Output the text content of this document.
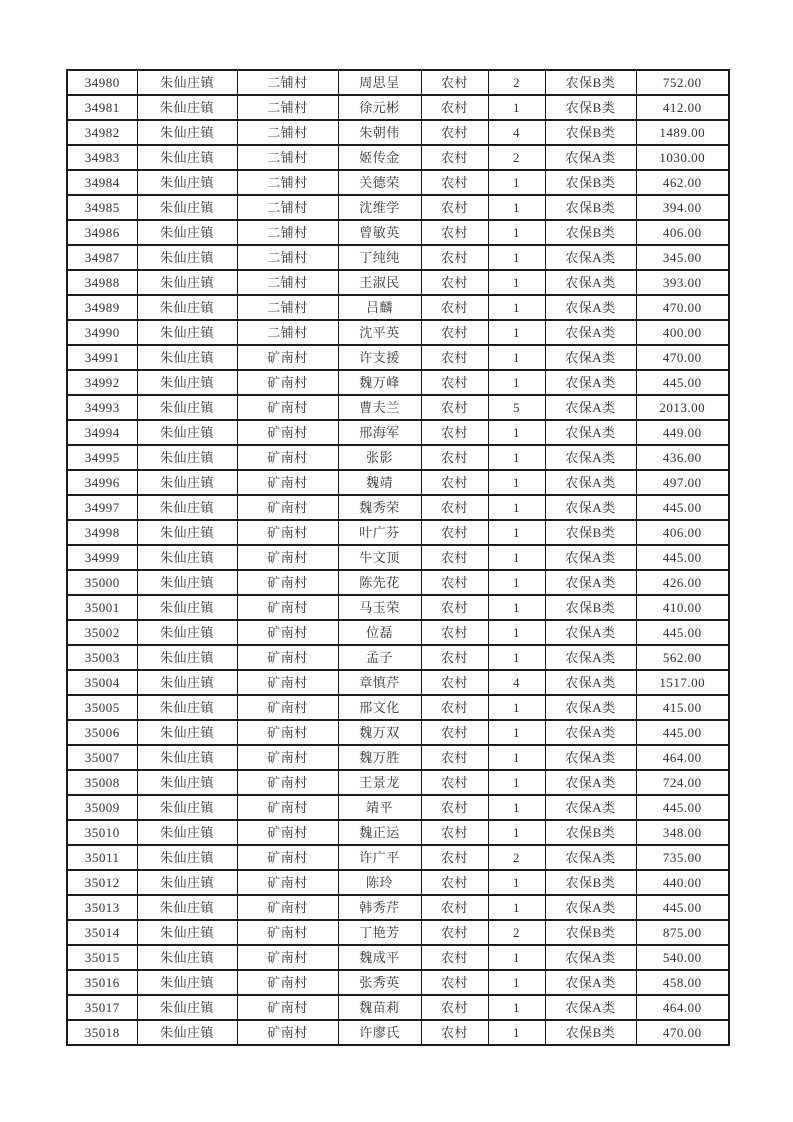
34980	朱仙庄镇	二铺村	周思呈	农村	2	农保B类	752.00
34981	朱仙庄镇	二铺村	徐元彬	农村	1	农保B类	412.00
34982	朱仙庄镇	二铺村	朱朝伟	农村	4	农保B类	1489.00
34983	朱仙庄镇	二铺村	姬传金	农村	2	农保A类	1030.00
34984	朱仙庄镇	二铺村	关德荣	农村	1	农保B类	462.00
34985	朱仙庄镇	二铺村	沈维学	农村	1	农保B类	394.00
34986	朱仙庄镇	二铺村	曾敏英	农村	1	农保B类	406.00
34987	朱仙庄镇	二铺村	丁纯纯	农村	1	农保A类	345.00
34988	朱仙庄镇	二铺村	王淑民	农村	1	农保A类	393.00
34989	朱仙庄镇	二铺村	吕麟	农村	1	农保A类	470.00
34990	朱仙庄镇	二铺村	沈平英	农村	1	农保A类	400.00
34991	朱仙庄镇	矿南村	许支援	农村	1	农保A类	470.00
34992	朱仙庄镇	矿南村	魏万峰	农村	1	农保A类	445.00
34993	朱仙庄镇	矿南村	曹夫兰	农村	5	农保A类	2013.00
34994	朱仙庄镇	矿南村	邢海军	农村	1	农保A类	449.00
34995	朱仙庄镇	矿南村	张影	农村	1	农保A类	436.00
34996	朱仙庄镇	矿南村	魏靖	农村	1	农保A类	497.00
34997	朱仙庄镇	矿南村	魏秀荣	农村	1	农保A类	445.00
34998	朱仙庄镇	矿南村	叶广芬	农村	1	农保B类	406.00
34999	朱仙庄镇	矿南村	牛文顶	农村	1	农保A类	445.00
35000	朱仙庄镇	矿南村	陈先花	农村	1	农保A类	426.00
35001	朱仙庄镇	矿南村	马玉荣	农村	1	农保B类	410.00
35002	朱仙庄镇	矿南村	位磊	农村	1	农保A类	445.00
35003	朱仙庄镇	矿南村	孟子	农村	1	农保A类	562.00
35004	朱仙庄镇	矿南村	章慎芹	农村	4	农保A类	1517.00
35005	朱仙庄镇	矿南村	邢文化	农村	1	农保A类	415.00
35006	朱仙庄镇	矿南村	魏万双	农村	1	农保A类	445.00
35007	朱仙庄镇	矿南村	魏万胜	农村	1	农保A类	464.00
35008	朱仙庄镇	矿南村	王景龙	农村	1	农保A类	724.00
35009	朱仙庄镇	矿南村	靖平	农村	1	农保A类	445.00
35010	朱仙庄镇	矿南村	魏正运	农村	1	农保B类	348.00
35011	朱仙庄镇	矿南村	许广平	农村	2	农保A类	735.00
35012	朱仙庄镇	矿南村	陈玲	农村	1	农保B类	440.00
35013	朱仙庄镇	矿南村	韩秀芹	农村	1	农保A类	445.00
35014	朱仙庄镇	矿南村	丁艳芳	农村	2	农保B类	875.00
35015	朱仙庄镇	矿南村	魏成平	农村	1	农保A类	540.00
35016	朱仙庄镇	矿南村	张秀英	农村	1	农保A类	458.00
35017	朱仙庄镇	矿南村	魏苗莉	农村	1	农保A类	464.00
35018	朱仙庄镇	矿南村	许廖氏	农村	1	农保B类	470.00
